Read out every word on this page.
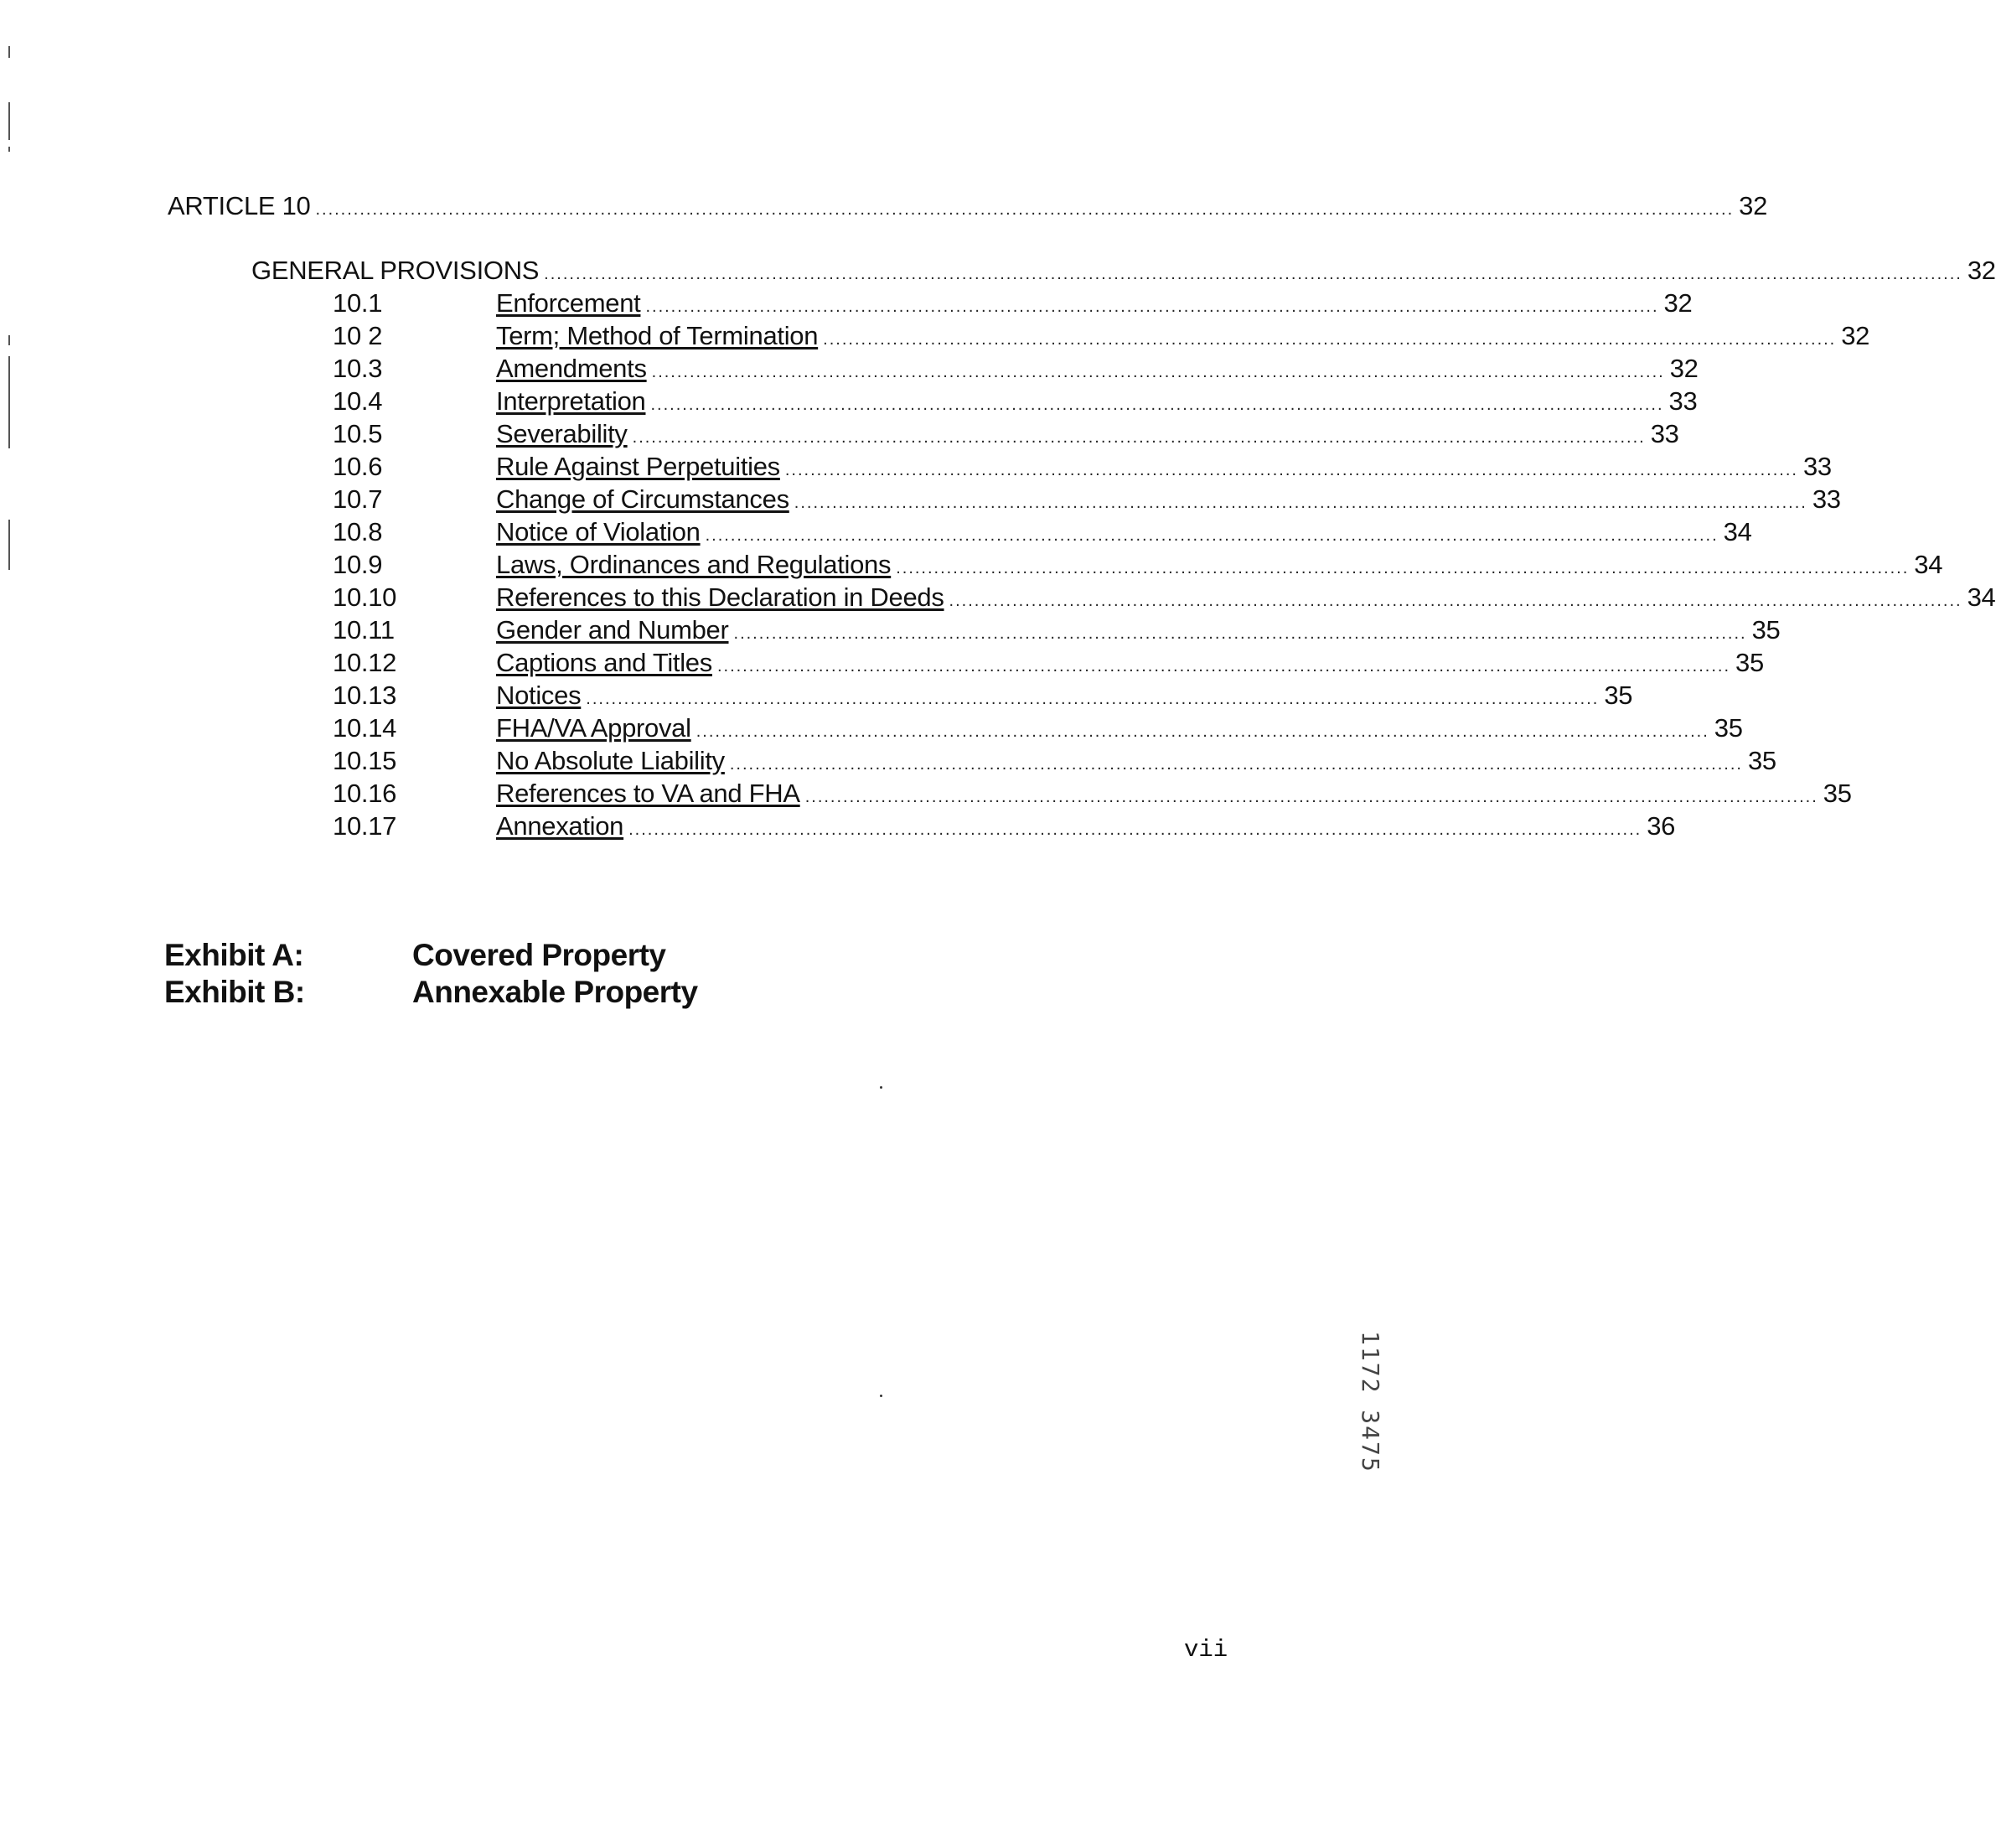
ARTICLE 10 ................................................................................................................................................................................................................................ 32
GENERAL PROVISIONS ................................................................................................................................................................................................................................ 32
10.1	Enforcement ................................................................................................................................................................ 32
10 2	Term; Method of Termination ................................................................................................................................................................ 32
10.3	Amendments ................................................................................................................................................................ 32
10.4	Interpretation ................................................................................................................................................................ 33
10.5	Severability ................................................................................................................................................................ 33
10.6	Rule Against Perpetuities ................................................................................................................................................................ 33
10.7	Change of Circumstances ................................................................................................................................................................ 33
10.8	Notice of Violation ................................................................................................................................................................ 34
10.9	Laws, Ordinances and Regulations ................................................................................................................................................................ 34
10.10	References to this Declaration in Deeds ................................................................................................................................................................ 34
10.11	Gender and Number ................................................................................................................................................................ 35
10.12	Captions and Titles ................................................................................................................................................................ 35
10.13	Notices ................................................................................................................................................................ 35
10.14	FHA/VA Approval ................................................................................................................................................................ 35
10.15	No Absolute Liability ................................................................................................................................................................ 35
10.16	References to VA and FHA ................................................................................................................................................................ 35
10.17	Annexation ................................................................................................................................................................ 36
Exhibit A:	Covered Property
Exhibit B:	Annexable Property
1172 3475
vii
